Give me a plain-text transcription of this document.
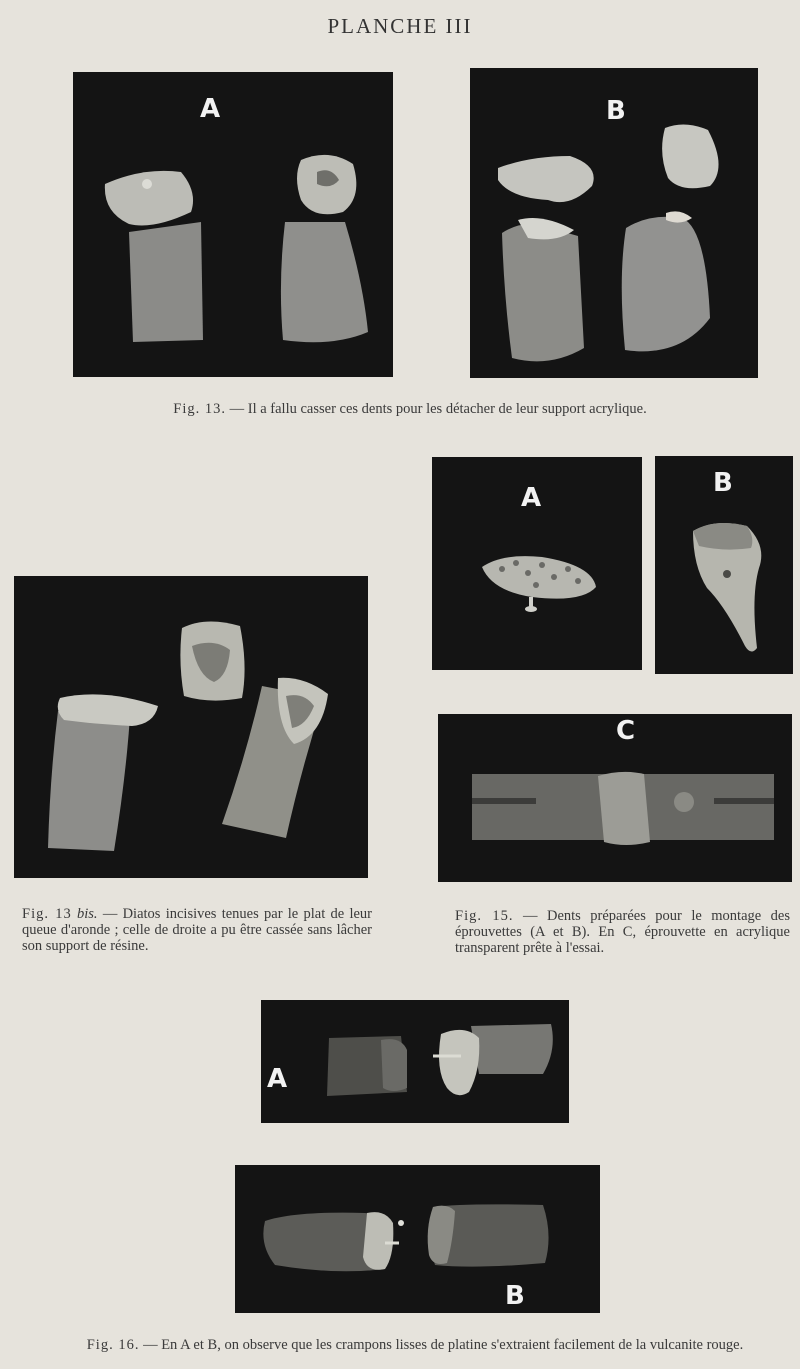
PLANCHE III
A	B
Fig. 13. — Il a fallu casser ces dents pour les détacher de leur support acrylique.
A	B
C
Fig. 13 bis. — Diatos incisives tenues par le plat de leur queue d'aronde ; celle de droite a pu être cassée sans lâcher son support de résine.
Fig. 15. — Dents préparées pour le montage des éprouvettes (A et B). En C, éprouvette en acrylique transparent prête à l'essai.
A
B
Fig. 16. — En A et B, on observe que les crampons lisses de platine s'extraient facilement de la vulcanite rouge.
